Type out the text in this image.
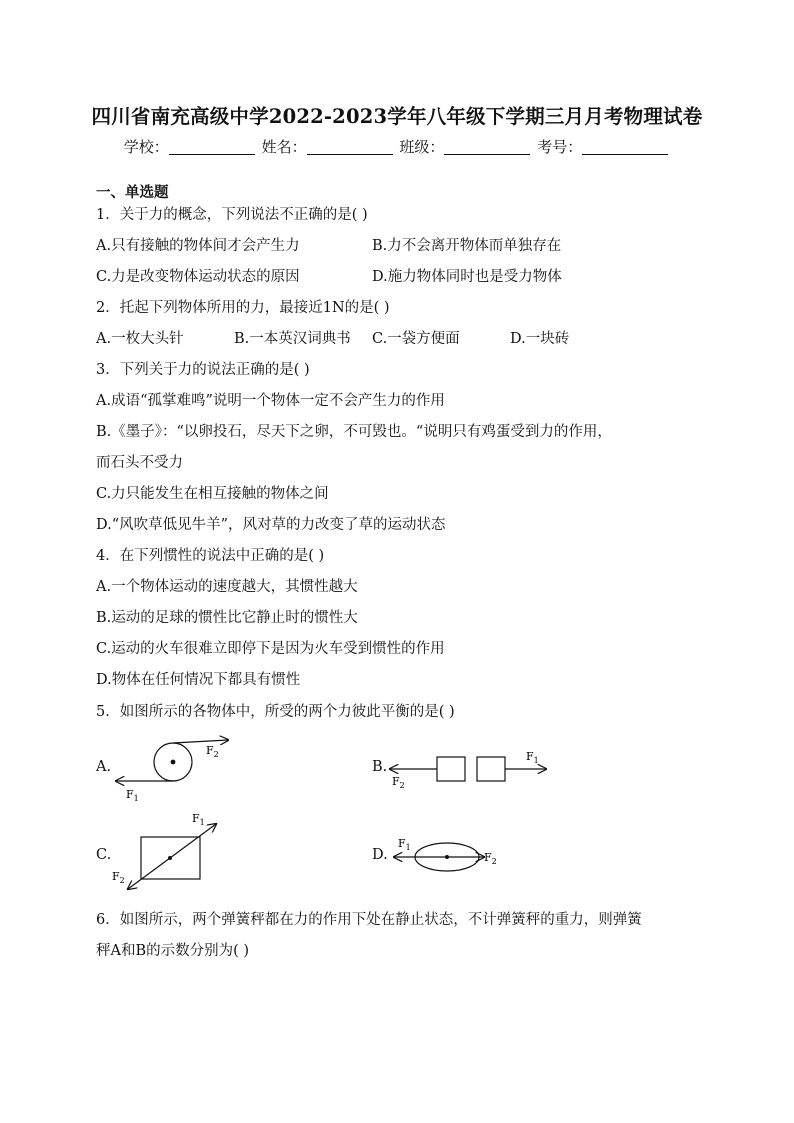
四川省南充高级中学2022-2023学年八年级下学期三月月考物理试卷
学校：	姓名：	班级：	考号：
一、单选题
1．关于力的概念，下列说法不正确的是( )
A.只有接触的物体间才会产生力	B.力不会离开物体而单独存在
C.力是改变物体运动状态的原因	D.施力物体同时也是受力物体
2．托起下列物体所用的力，最接近1N的是( )
A.一枚大头针	B.一本英汉词典书 C.一袋方便面	D.一块砖
3．下列关于力的说法正确的是( )
A.成语“孤掌难鸣”说明一个物体一定不会产生力的作用
B.《墨子》：“以卵投石，尽天下之卵，不可毁也。“说明只有鸡蛋受到力的作用，
而石头不受力
C.力只能发生在相互接触的物体之间
D.“风吹草低见牛羊”，风对草的力改变了草的运动状态
4．在下列惯性的说法中正确的是( )
A.一个物体运动的速度越大，其惯性越大
B.运动的足球的惯性比它静止时的惯性大
C.运动的火车很难立即停下是因为火车受到惯性的作用
D.物体在任何情况下都具有惯性
5．如图所示的各物体中，所受的两个力彼此平衡的是( )
A.
$F_2$
$F_1$
B.
$F_2$
$F_1$
C.
$F_1$
$F_2$
D.
$F_1$
$F_2$
6．如图所示，两个弹簧秤都在力的作用下处在静止状态，不计弹簧秤的重力，则弹簧
秤A和B的示数分别为( )
